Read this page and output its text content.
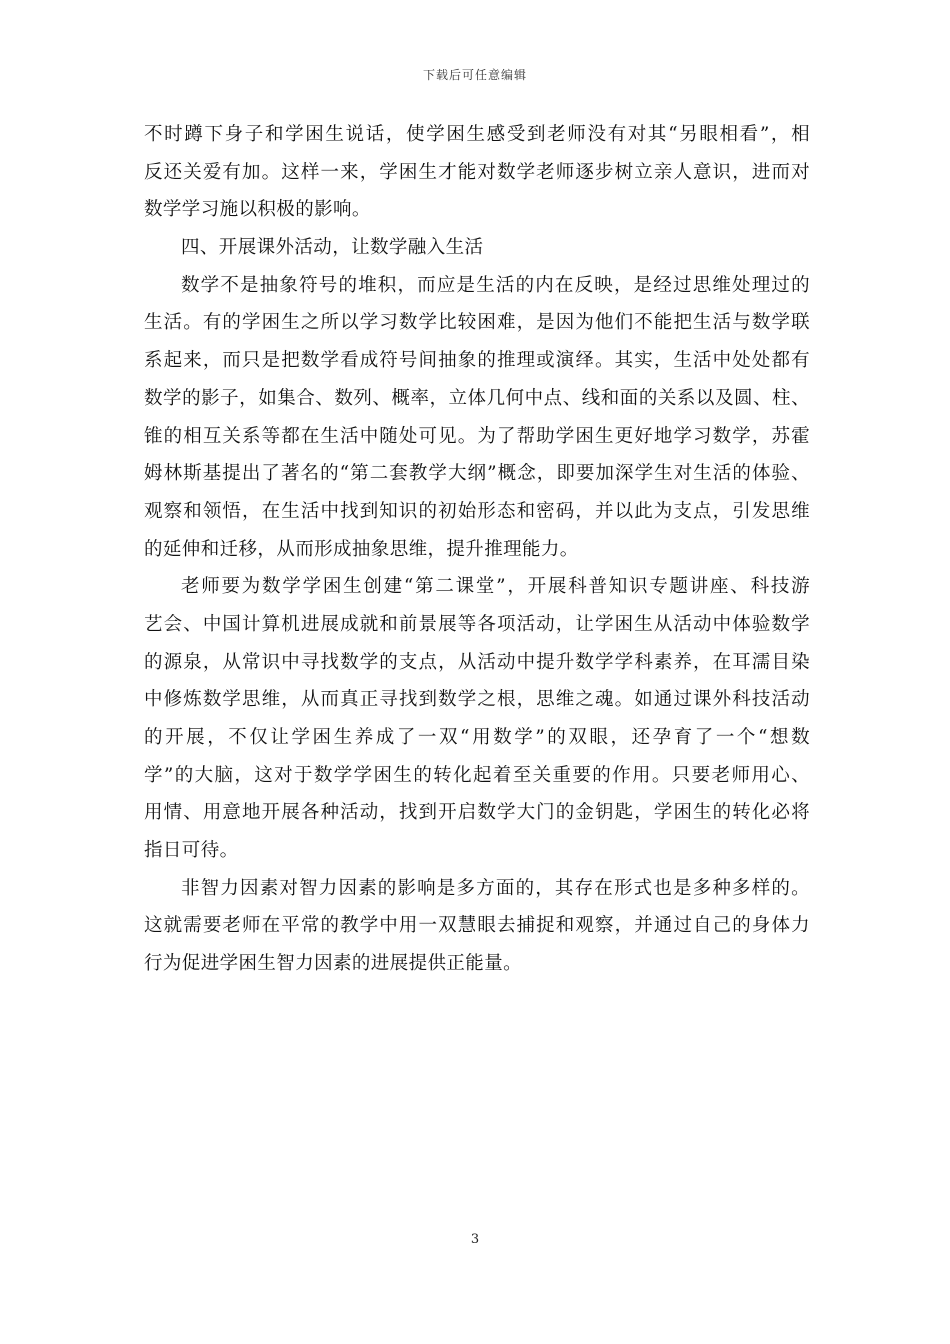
下载后可任意编辑
不时蹲下身子和学困生说话，使学困生感受到老师没有对其“另眼相看”，相
反还关爱有加。这样一来，学困生才能对数学老师逐步树立亲人意识，进而对
数学学习施以积极的影响。
四、开展课外活动，让数学融入生活
数学不是抽象符号的堆积，而应是生活的内在反映，是经过思维处理过的
生活。有的学困生之所以学习数学比较困难，是因为他们不能把生活与数学联
系起来，而只是把数学看成符号间抽象的推理或演绎。其实，生活中处处都有
数学的影子，如集合、数列、概率，立体几何中点、线和面的关系以及圆、柱、
锥的相互关系等都在生活中随处可见。为了帮助学困生更好地学习数学，苏霍
姆林斯基提出了著名的“第二套教学大纲”概念，即要加深学生对生活的体验、
观察和领悟，在生活中找到知识的初始形态和密码，并以此为支点，引发思维
的延伸和迁移，从而形成抽象思维，提升推理能力。
老师要为数学学困生创建“第二课堂”，开展科普知识专题讲座、科技游
艺会、中国计算机进展成就和前景展等各项活动，让学困生从活动中体验数学
的源泉，从常识中寻找数学的支点，从活动中提升数学学科素养，在耳濡目染
中修炼数学思维，从而真正寻找到数学之根，思维之魂。如通过课外科技活动
的开展，不仅让学困生养成了一双“用数学”的双眼，还孕育了一个“想数
学”的大脑，这对于数学学困生的转化起着至关重要的作用。只要老师用心、
用情、用意地开展各种活动，找到开启数学大门的金钥匙，学困生的转化必将
指日可待。
非智力因素对智力因素的影响是多方面的，其存在形式也是多种多样的。
这就需要老师在平常的教学中用一双慧眼去捕捉和观察，并通过自己的身体力
行为促进学困生智力因素的进展提供正能量。
3
